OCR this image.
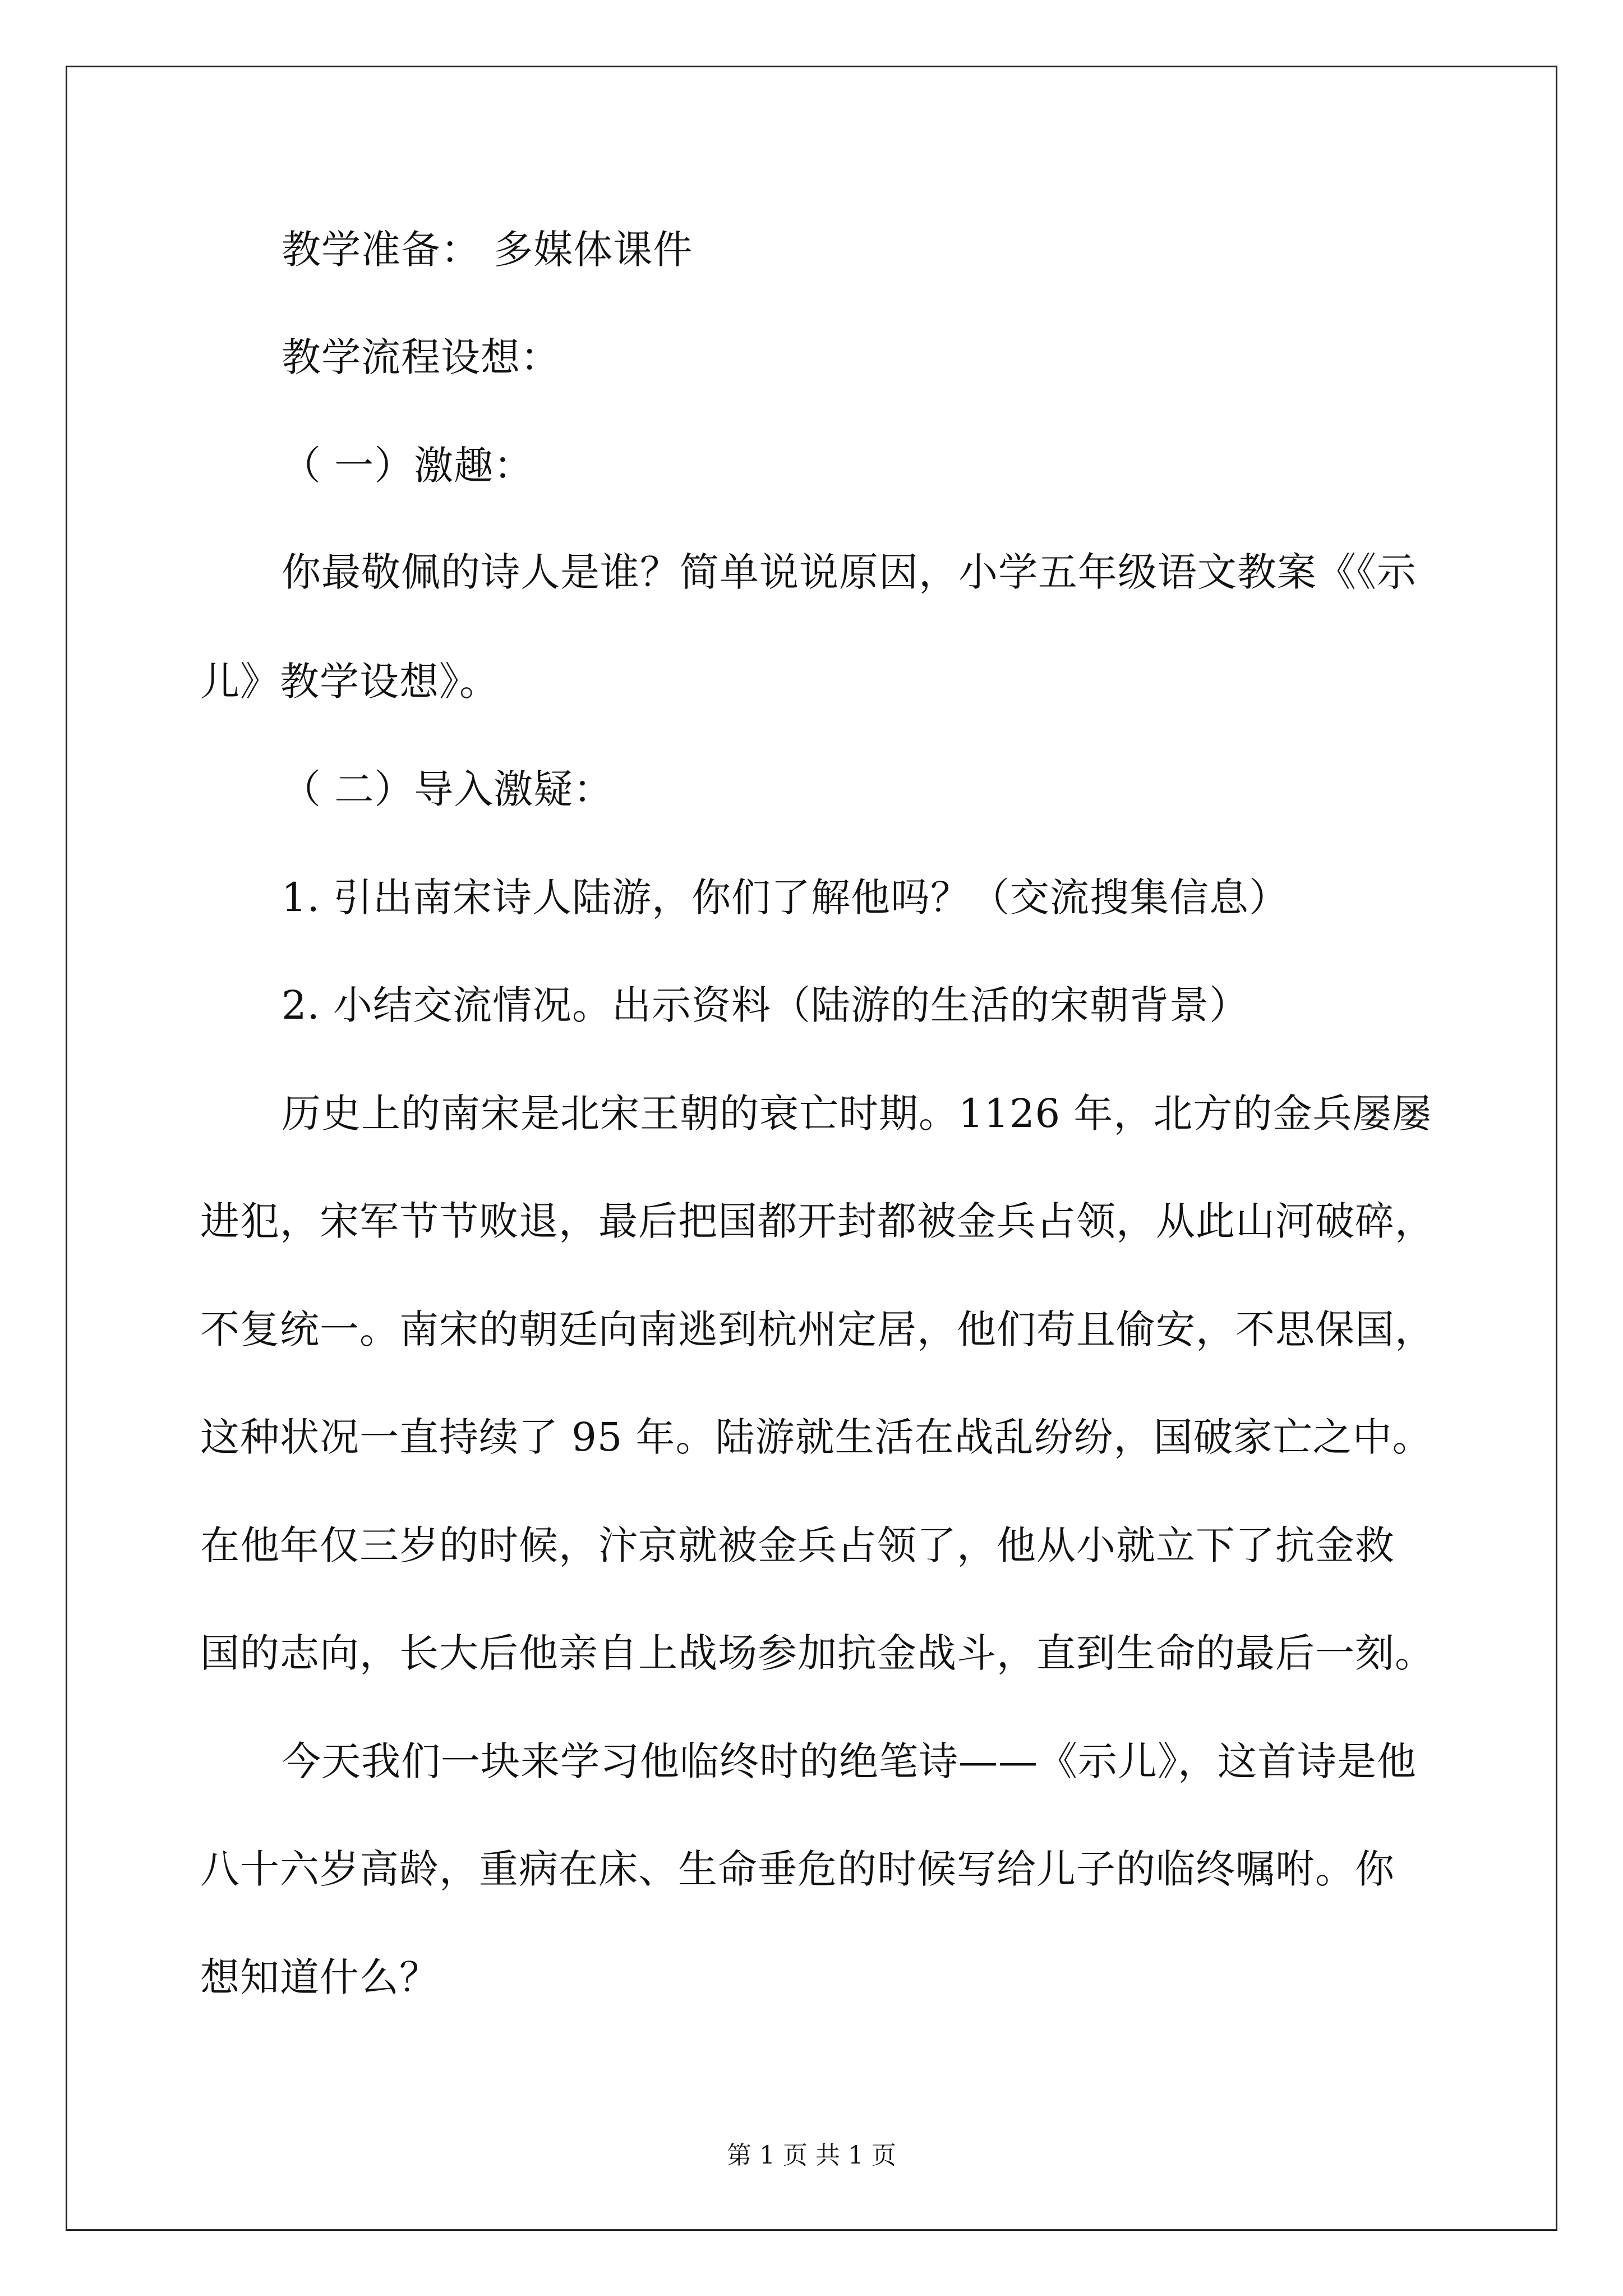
教学准备： 多媒体课件
教学流程设想：
（ 一）激趣：
你最敬佩的诗人是谁？简单说说原因，小学五年级语文教案《《示
儿》教学设想》。
（ 二）导入激疑：
1. 引出南宋诗人陆游，你们了解他吗？（交流搜集信息）
2. 小结交流情况。出示资料（陆游的生活的宋朝背景）
历史上的南宋是北宋王朝的衰亡时期。1126 年，北方的金兵屡屡
进犯，宋军节节败退，最后把国都开封都被金兵占领，从此山河破碎，
不复统一。南宋的朝廷向南逃到杭州定居，他们苟且偷安，不思保国，
这种状况一直持续了 95 年。陆游就生活在战乱纷纷，国破家亡之中。
在他年仅三岁的时候，汴京就被金兵占领了，他从小就立下了抗金救
国的志向，长大后他亲自上战场参加抗金战斗，直到生命的最后一刻。
今天我们一块来学习他临终时的绝笔诗——《示儿》，这首诗是他
八十六岁高龄，重病在床、生命垂危的时候写给儿子的临终嘱咐。你
想知道什么？
第 1 页 共 1 页
